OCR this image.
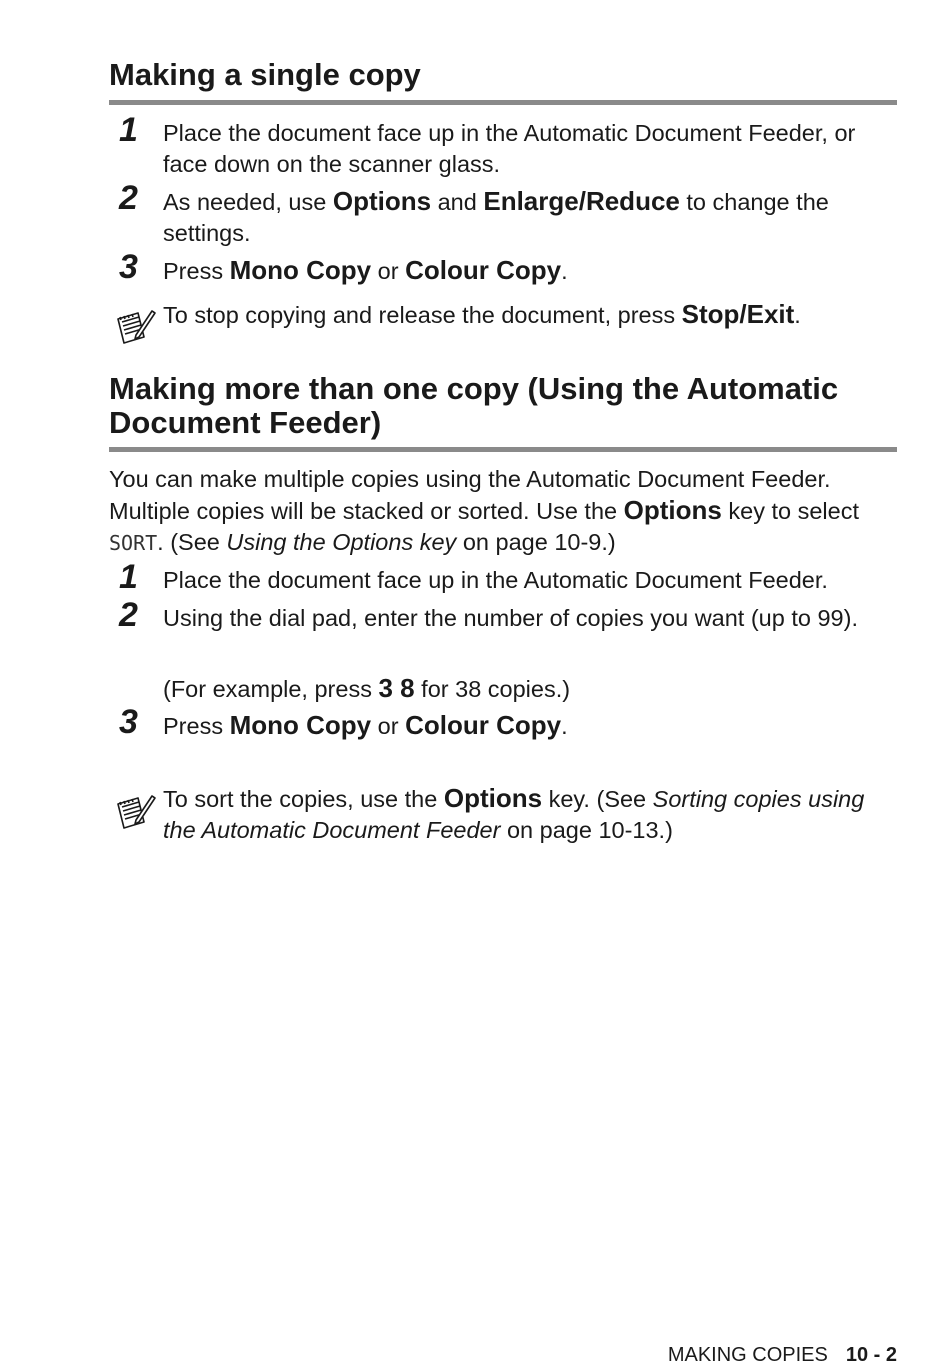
Making a single copy
1	Place the document face up in the Automatic Document Feeder, or face down on the scanner glass.
2	As needed, use Options and Enlarge/Reduce to change the settings.
3	Press Mono Copy or Colour Copy.
To stop copying and release the document, press Stop/Exit.
Making more than one copy (Using the Automatic
Document Feeder)
You can make multiple copies using the Automatic Document Feeder. Multiple copies will be stacked or sorted. Use the Options key to select SORT. (See Using the Options key on page 10-9.)
1	Place the document face up in the Automatic Document Feeder.
2	Using the dial pad, enter the number of copies you want (up to 99).
(For example, press 3 8 for 38 copies.)
3	Press Mono Copy or Colour Copy.
To sort the copies, use the Options key. (See Sorting copies using the Automatic Document Feeder on page 10-13.)
MAKING COPIES 10 - 2
